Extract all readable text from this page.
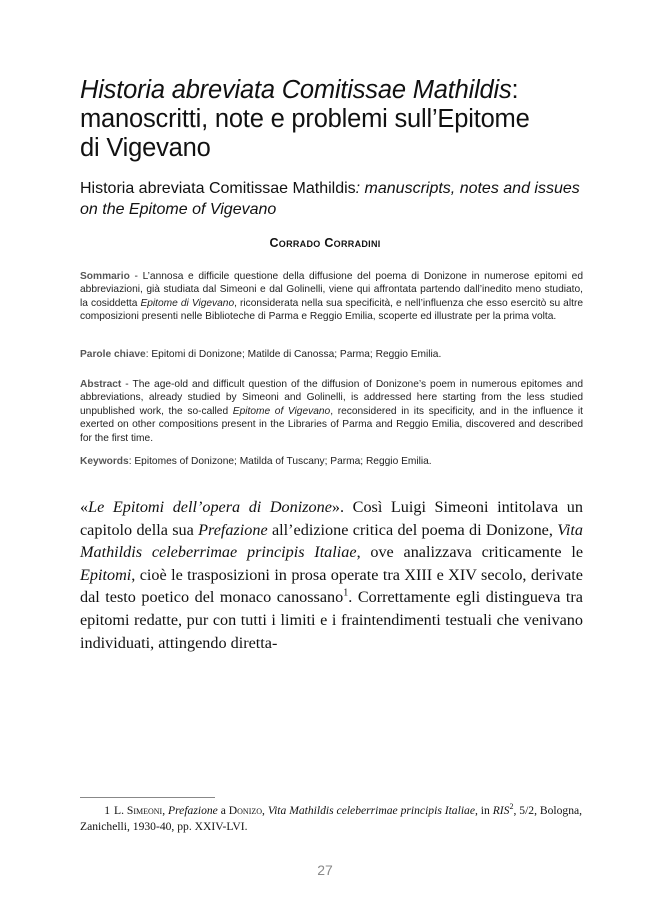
Historia abreviata Comitissae Mathildis: manoscritti, note e problemi sull’Epitome
di Vigevano
Historia abreviata Comitissae Mathildis: manuscripts, notes and issues on the Epitome of Vigevano
Corrado Corradini
Sommario - L’annosa e difficile questione della diffusione del poema di Donizone in numerose epitomi ed abbreviazioni, già studiata dal Simeoni e dal Golinelli, viene qui affrontata partendo dall’inedito meno studiato, la cosiddetta Epitome di Vigevano, riconsiderata nella sua specificità, e nell’influenza che esso esercitò su altre composizioni presenti nelle Biblioteche di Parma e Reggio Emilia, scoperte ed illustrate per la prima volta.
Parole chiave: Epitomi di Donizone; Matilde di Canossa; Parma; Reggio Emilia.
Abstract - The age-old and difficult question of the diffusion of Donizone’s poem in numerous epitomes and abbreviations, already studied by Simeoni and Golinelli, is addressed here starting from the less studied unpublished work, the so-called Epitome of Vigevano, reconsidered in its specificity, and in the influence it exerted on other compositions present in the Libraries of Parma and Reggio Emilia, discovered and described for the first time.
Keywords: Epitomes of Donizone; Matilda of Tuscany; Parma; Reggio Emilia.
«Le Epitomi dell’opera di Donizone». Così Luigi Simeoni intitolava un capitolo della sua Prefazione all’edizione critica del poema di Donizone, Vita Mathildis celeberrimae principis Italiae, ove analizzava criticamente le Epitomi, cioè le trasposizioni in prosa operate tra XIII e XIV secolo, derivate dal testo poetico del monaco canossano$^1$. Correttamente egli distingueva tra epitomi redatte, pur con tutti i limiti e i fraintendimenti testuali che venivano individuati, attingendo diretta-
1 L. Simeoni, Prefazione a Donizo, Vita Mathildis celeberrimae principis Italiae, in RIS$^2$, 5/2, Bologna, Zanichelli, 1930-40, pp. XXIV-LVI.
27
